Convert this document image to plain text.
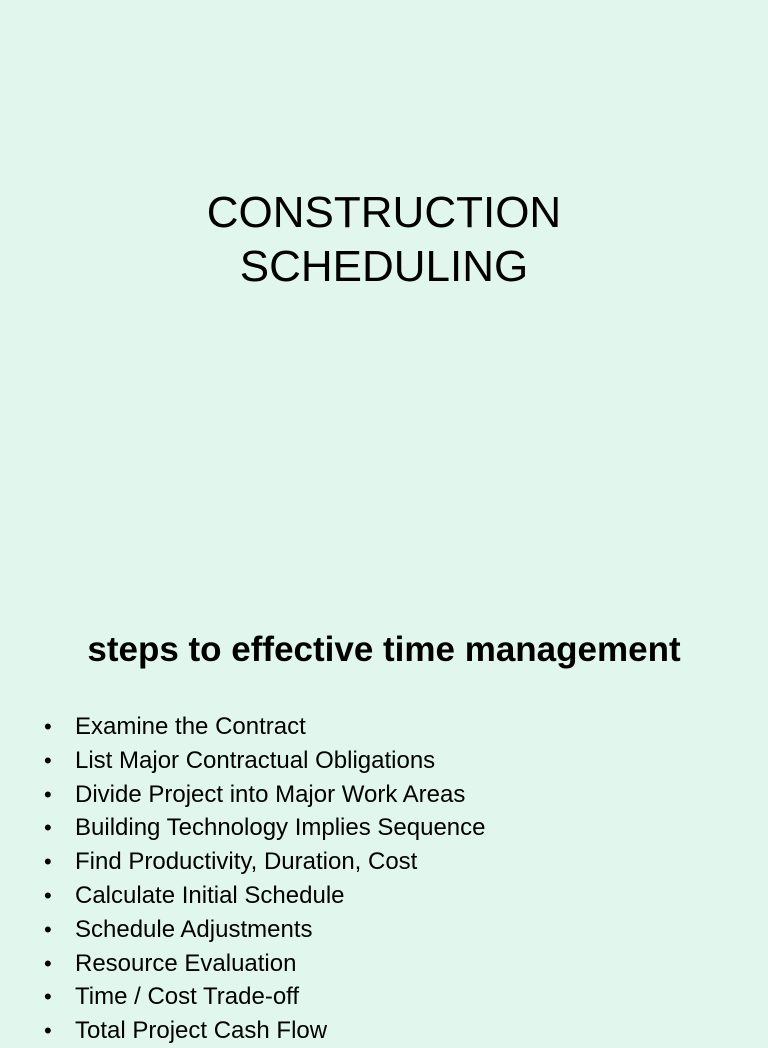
CONSTRUCTION
SCHEDULING
steps to effective time management
• Examine the Contract
• List Major Contractual Obligations
• Divide Project into Major Work Areas
• Building Technology Implies Sequence
• Find Productivity, Duration, Cost
• Calculate Initial Schedule
• Schedule Adjustments
• Resource Evaluation
• Time / Cost Trade-off
• Total Project Cash Flow
